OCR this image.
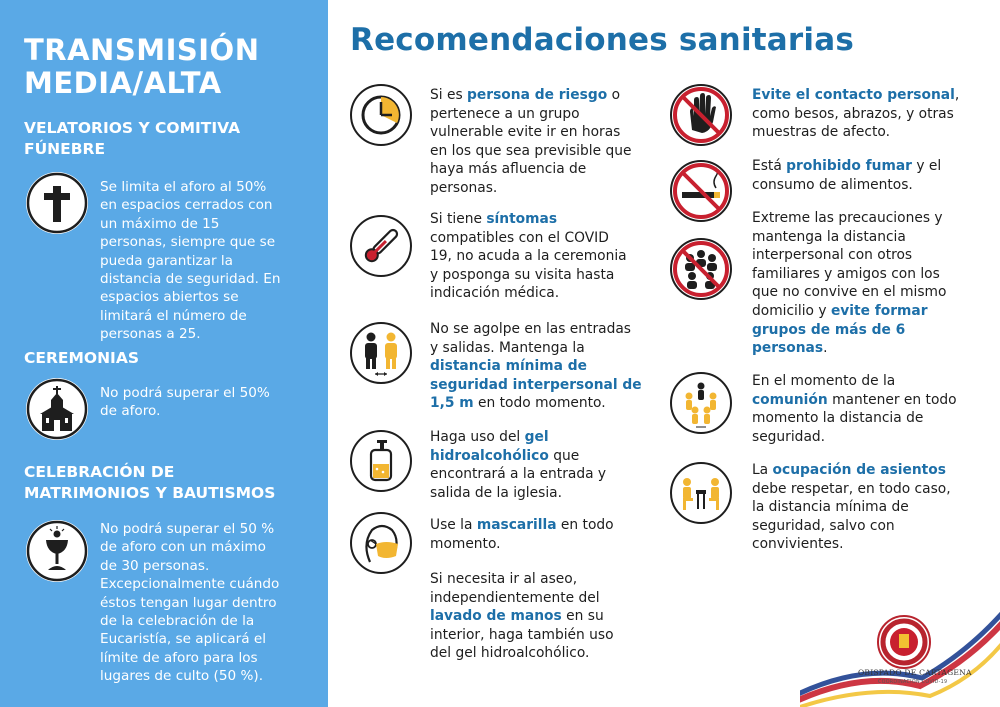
TRANSMISIÓN
MEDIA/ALTA
VELATORIOS Y COMITIVA
FÚNEBRE
Se limita el aforo al 50%
en espacios cerrados con
un máximo de 15
personas, siempre que se
pueda garantizar la
distancia de seguridad. En
espacios abiertos se
limitará el número de
personas a 25.
CEREMONIAS
No podrá superar el 50%
de aforo.
CELEBRACIÓN DE
MATRIMONIOS Y BAUTISMOS
No podrá superar el 50 %
de aforo con un máximo
de 30 personas.
Excepcionalmente cuándo
éstos tengan lugar dentro
de la celebración de la
Eucaristía, se aplicará el
límite de aforo para los
lugares de culto (50 %).
Recomendaciones sanitarias
Si es persona de riesgo o
pertenece a un grupo
vulnerable evite ir en horas
en los que sea previsible que
haya más afluencia de
personas.
Si tiene síntomas
compatibles con el COVID
19, no acuda a la ceremonia
y posponga su visita hasta
indicación médica.
No se agolpe en las entradas
y salidas. Mantenga la
distancia mínima de
seguridad interpersonal de
1,5 m en todo momento.
Haga uso del gel
hidroalcohólico que
encontrará a la entrada y
salida de la iglesia.
Use la mascarilla en todo
momento.
Si necesita ir al aseo,
independientemente del
lavado de manos en su
interior, haga también uso
del gel hidroalcohólico.
Evite el contacto personal,
como besos, abrazos, y otras
muestras de afecto.
Está prohibido fumar y el
consumo de alimentos.
Extreme las precauciones y
mantenga la distancia
interpersonal con otros
familiares y amigos con los
que no convive en el mismo
domicilio y evite formar
grupos de más de 6
personas.
En el momento de la
comunión mantener en todo
momento la distancia de
seguridad.
La ocupación de asientos
debe respetar, en todo caso,
la distancia mínima de
seguridad, salvo con
convivientes.
OBISPADO DE CARTAGENA
COORDINACIÓN COVID-19
